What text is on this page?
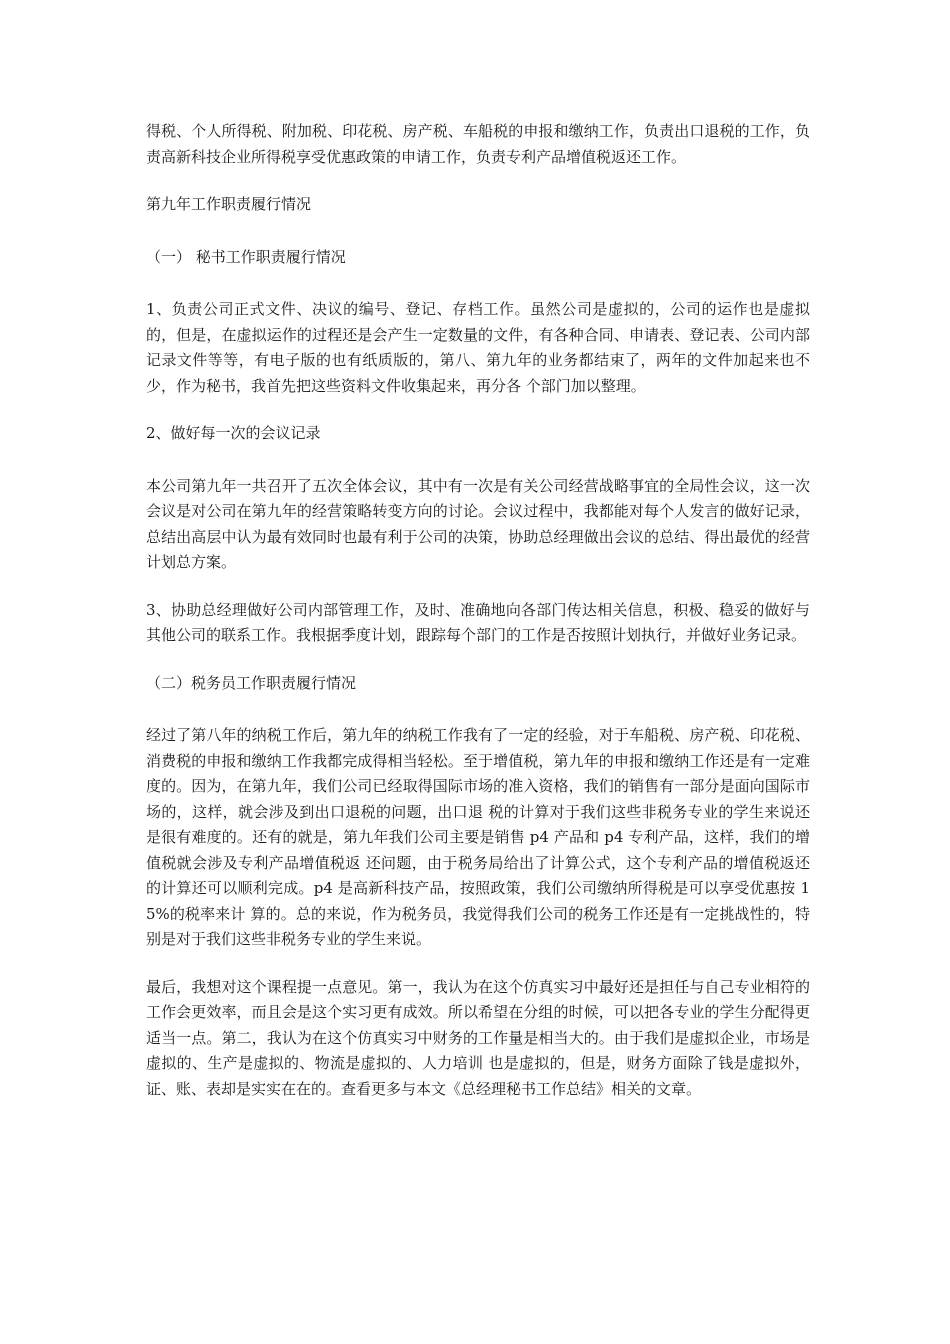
得税、个人所得税、附加税、印花税、房产税、车船税的申报和缴纳工作，负责出口退税的工作，负责高新科技企业所得税享受优惠政策的申请工作，负责专利产品增值税返还工作。

第九年工作职责履行情况

（一） 秘书工作职责履行情况

1、负责公司正式文件、决议的编号、登记、存档工作。虽然公司是虚拟的，公司的运作也是虚拟的，但是，在虚拟运作的过程还是会产生一定数量的文件，有各种合同、申请表、登记表、公司内部记录文件等等，有电子版的也有纸质版的，第八、第九年的业务都结束了，两年的文件加起来也不少，作为秘书，我首先把这些资料文件收集起来，再分各 个部门加以整理。

2、做好每一次的会议记录

本公司第九年一共召开了五次全体会议，其中有一次是有关公司经营战略事宜的全局性会议，这一次会议是对公司在第九年的经营策略转变方向的讨论。会议过程中，我都能对每个人发言的做好记录，总结出高层中认为最有效同时也最有利于公司的决策，协助总经理做出会议的总结、得出最优的经营计划总方案。

3、协助总经理做好公司内部管理工作，及时、准确地向各部门传达相关信息，积极、稳妥的做好与其他公司的联系工作。我根据季度计划，跟踪每个部门的工作是否按照计划执行，并做好业务记录。

（二）税务员工作职责履行情况

经过了第八年的纳税工作后，第九年的纳税工作我有了一定的经验，对于车船税、房产税、印花税、消费税的申报和缴纳工作我都完成得相当轻松。至于增值税，第九年的申报和缴纳工作还是有一定难度的。因为，在第九年，我们公司已经取得国际市场的准入资格，我们的销售有一部分是面向国际市场的，这样，就会涉及到出口退税的问题，出口退 税的计算对于我们这些非税务专业的学生来说还是很有难度的。还有的就是，第九年我们公司主要是销售 p4 产品和 p4 专利产品，这样，我们的增值税就会涉及专利产品增值税返 还问题，由于税务局给出了计算公式，这个专利产品的增值税返还的计算还可以顺利完成。p4 是高新科技产品，按照政策，我们公司缴纳所得税是可以享受优惠按 15%的税率来计 算的。总的来说，作为税务员，我觉得我们公司的税务工作还是有一定挑战性的，特别是对于我们这些非税务专业的学生来说。

最后，我想对这个课程提一点意见。第一，我认为在这个仿真实习中最好还是担任与自己专业相符的工作会更效率，而且会是这个实习更有成效。所以希望在分组的时候，可以把各专业的学生分配得更适当一点。第二，我认为在这个仿真实习中财务的工作量是相当大的。由于我们是虚拟企业，市场是虚拟的、生产是虚拟的、物流是虚拟的、人力培训 也是虚拟的，但是，财务方面除了钱是虚拟外，证、账、表却是实实在在的。查看更多与本文《总经理秘书工作总结》相关的文章。
